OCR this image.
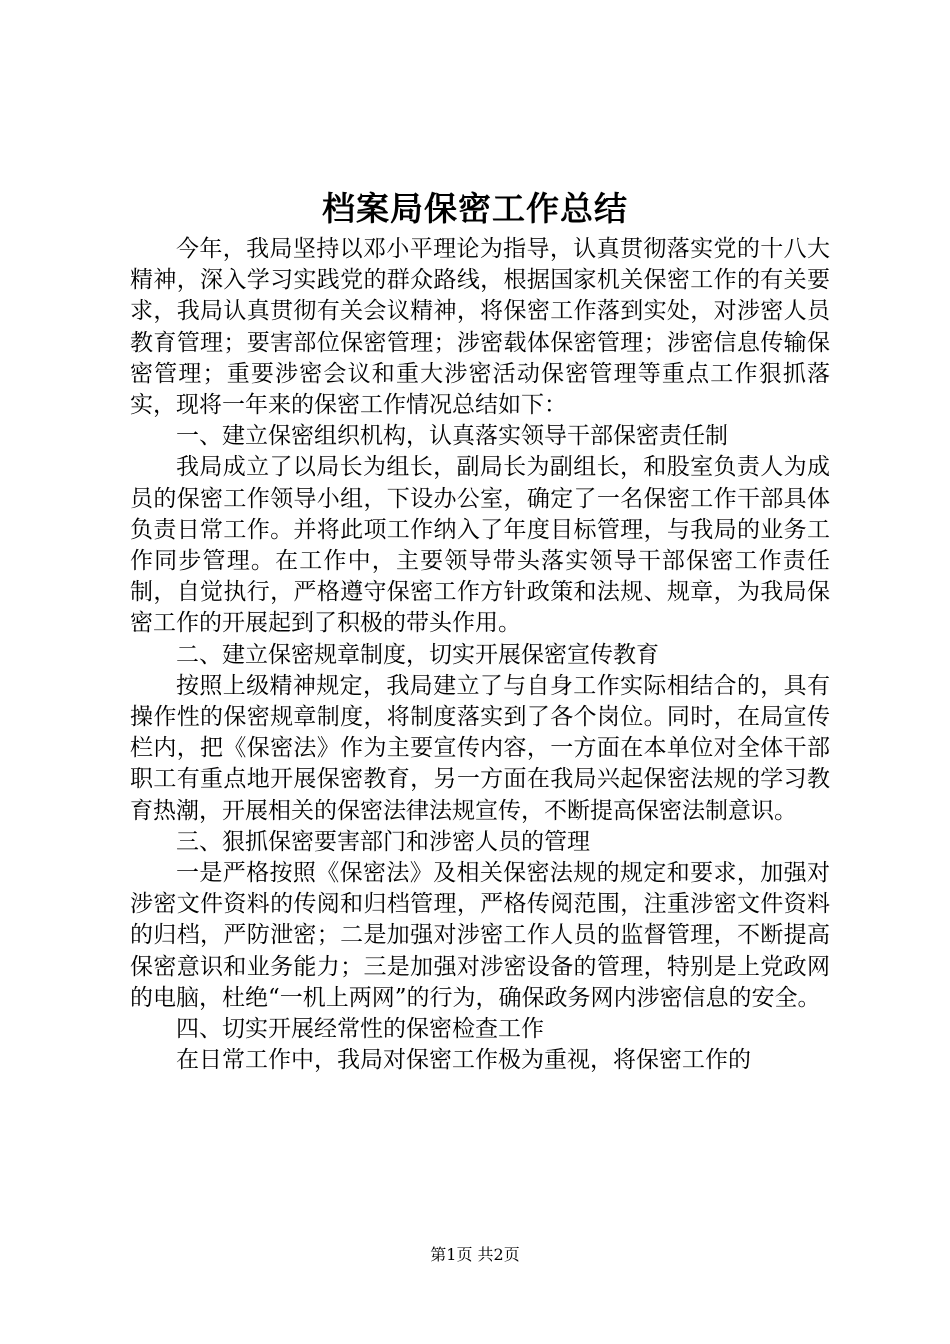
档案局保密工作总结

今年，我局坚持以邓小平理论为指导，认真贯彻落实党的十八大精神，深入学习实践党的群众路线，根据国家机关保密工作的有关要求，我局认真贯彻有关会议精神，将保密工作落到实处，对涉密人员教育管理；要害部位保密管理；涉密载体保密管理；涉密信息传输保密管理；重要涉密会议和重大涉密活动保密管理等重点工作狠抓落实，现将一年来的保密工作情况总结如下：

一、建立保密组织机构，认真落实领导干部保密责任制

我局成立了以局长为组长，副局长为副组长，和股室负责人为成员的保密工作领导小组，下设办公室，确定了一名保密工作干部具体负责日常工作。并将此项工作纳入了年度目标管理，与我局的业务工作同步管理。在工作中，主要领导带头落实领导干部保密工作责任制，自觉执行，严格遵守保密工作方针政策和法规、规章，为我局保密工作的开展起到了积极的带头作用。

二、建立保密规章制度，切实开展保密宣传教育

按照上级精神规定，我局建立了与自身工作实际相结合的，具有操作性的保密规章制度，将制度落实到了各个岗位。同时，在局宣传栏内，把《保密法》作为主要宣传内容，一方面在本单位对全体干部职工有重点地开展保密教育，另一方面在我局兴起保密法规的学习教育热潮，开展相关的保密法律法规宣传，不断提高保密法制意识。

三、狠抓保密要害部门和涉密人员的管理

一是严格按照《保密法》及相关保密法规的规定和要求，加强对涉密文件资料的传阅和归档管理，严格传阅范围，注重涉密文件资料的归档，严防泄密；二是加强对涉密工作人员的监督管理，不断提高保密意识和业务能力；三是加强对涉密设备的管理，特别是上党政网的电脑，杜绝“一机上两网”的行为，确保政务网内涉密信息的安全。

四、切实开展经常性的保密检查工作

在日常工作中，我局对保密工作极为重视，将保密工作的

第1页 共2页
